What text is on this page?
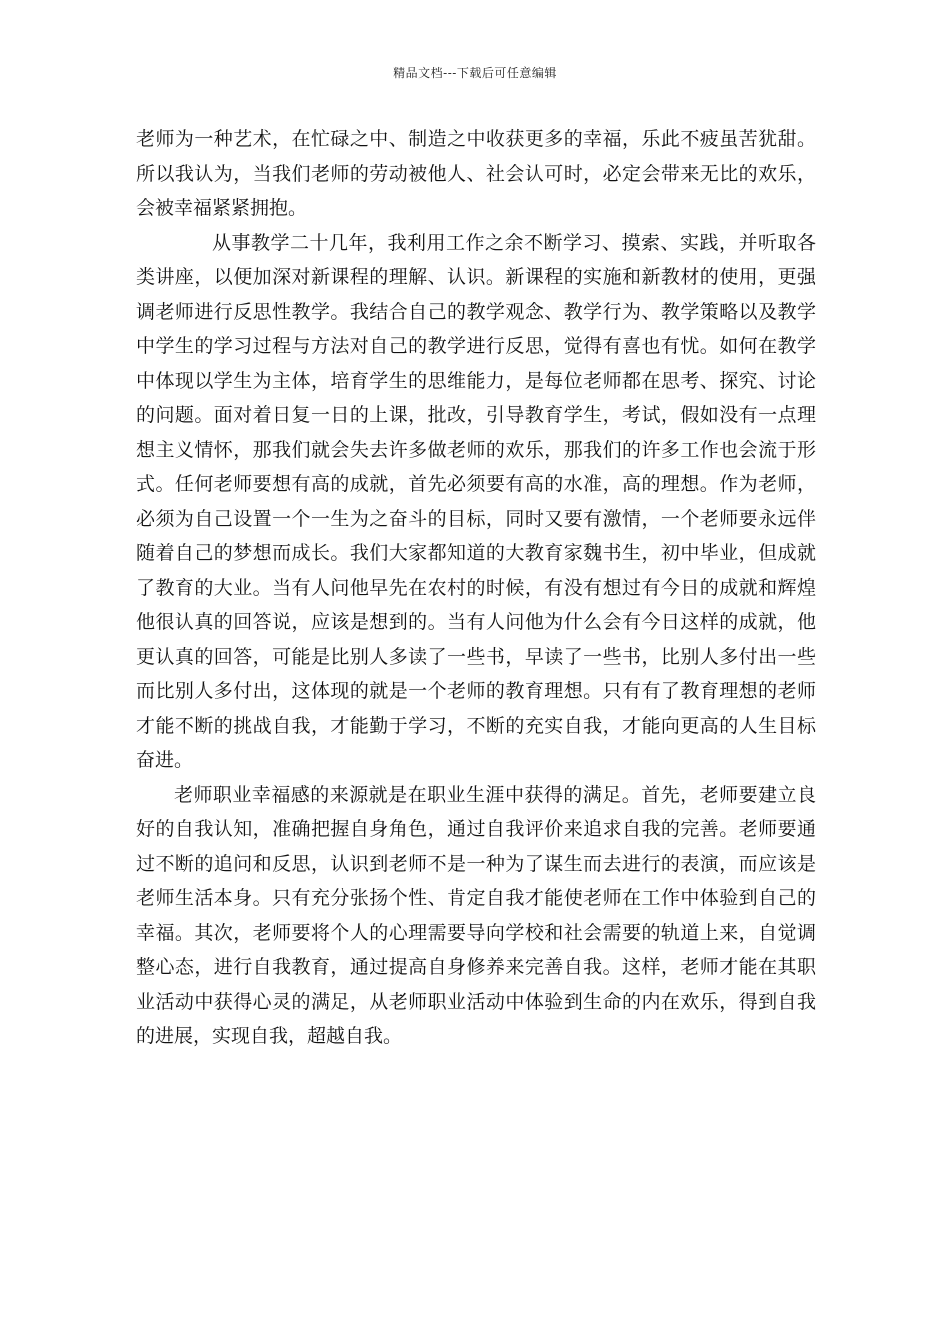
精品文档---下载后可任意编辑

老师为一种艺术，在忙碌之中、制造之中收获更多的幸福，乐此不疲虽苦犹甜。所以我认为，当我们老师的劳动被他人、社会认可时，必定会带来无比的欢乐，会被幸福紧紧拥抱。

从事教学二十几年，我利用工作之余不断学习、摸索、实践，并听取各类讲座，以便加深对新课程的理解、认识。新课程的实施和新教材的使用，更强调老师进行反思性教学。我结合自己的教学观念、教学行为、教学策略以及教学中学生的学习过程与方法对自己的教学进行反思，觉得有喜也有忧。如何在教学中体现以学生为主体，培育学生的思维能力，是每位老师都在思考、探究、讨论的问题。面对着日复一日的上课，批改，引导教育学生，考试，假如没有一点理想主义情怀，那我们就会失去许多做老师的欢乐，那我们的许多工作也会流于形式。任何老师要想有高的成就，首先必须要有高的水准，高的理想。作为老师，必须为自己设置一个一生为之奋斗的目标，同时又要有激情，一个老师要永远伴随着自己的梦想而成长。我们大家都知道的大教育家魏书生，初中毕业，但成就了教育的大业。当有人问他早先在农村的时候，有没有想过有今日的成就和辉煌他很认真的回答说，应该是想到的。当有人问他为什么会有今日这样的成就，他更认真的回答，可能是比别人多读了一些书，早读了一些书，比别人多付出一些而比别人多付出，这体现的就是一个老师的教育理想。只有有了教育理想的老师才能不断的挑战自我，才能勤于学习，不断的充实自我，才能向更高的人生目标奋进。

老师职业幸福感的来源就是在职业生涯中获得的满足。首先，老师要建立良好的自我认知，准确把握自身角色，通过自我评价来追求自我的完善。老师要通过不断的追问和反思，认识到老师不是一种为了谋生而去进行的表演，而应该是老师生活本身。只有充分张扬个性、肯定自我才能使老师在工作中体验到自己的幸福。其次，老师要将个人的心理需要导向学校和社会需要的轨道上来，自觉调整心态，进行自我教育，通过提高自身修养来完善自我。这样，老师才能在其职业活动中获得心灵的满足，从老师职业活动中体验到生命的内在欢乐，得到自我的进展，实现自我，超越自我。
